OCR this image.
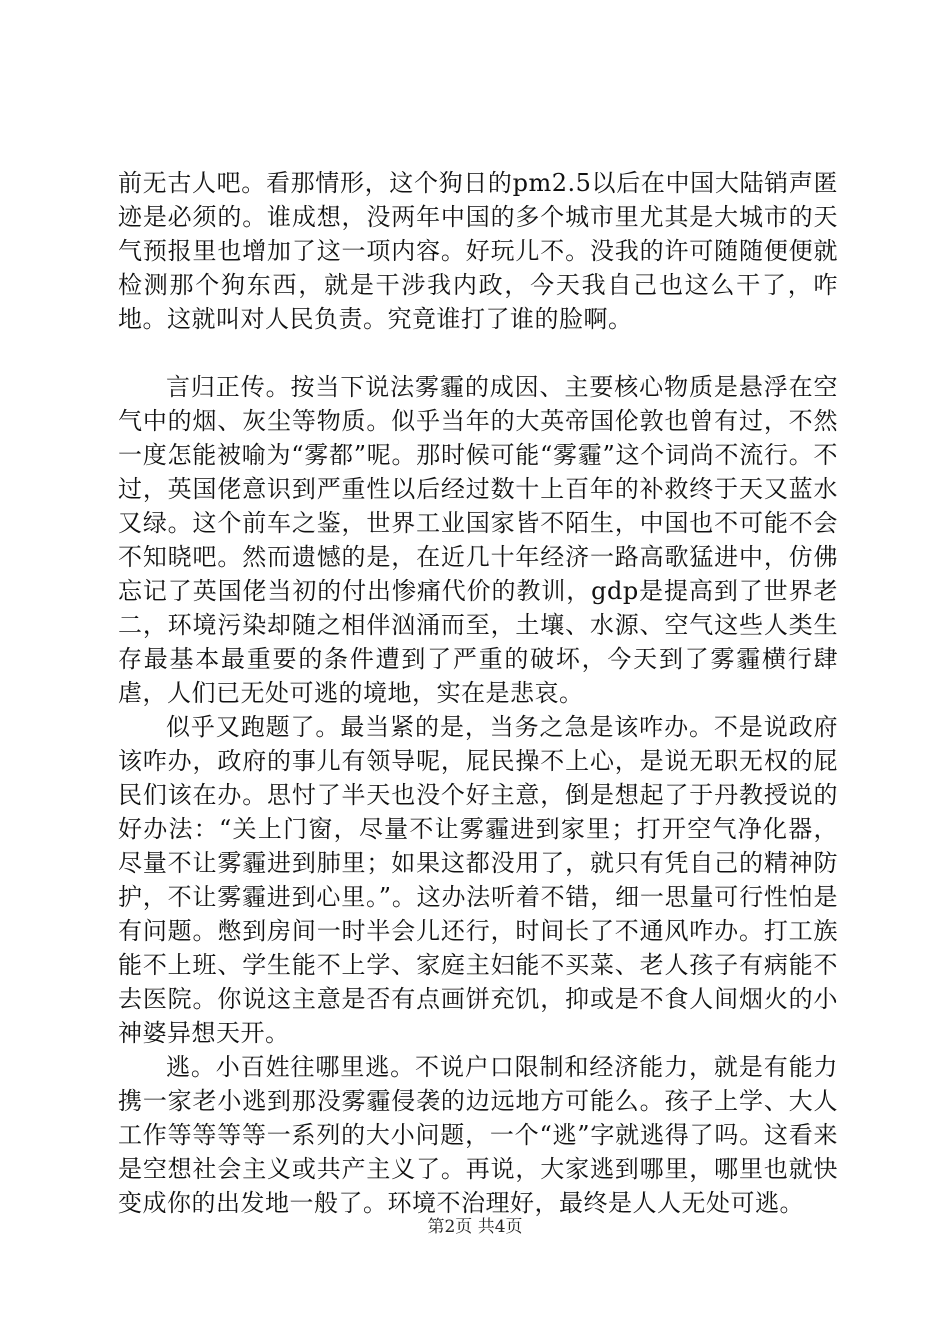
前无古人吧。看那情形，这个狗日的pm2.5以后在中国大陆销声匿迹是必须的。谁成想，没两年中国的多个城市里尤其是大城市的天气预报里也增加了这一项内容。好玩儿不。没我的许可随随便便就检测那个狗东西，就是干涉我内政，今天我自己也这么干了，咋地。这就叫对人民负责。究竟谁打了谁的脸啊。

言归正传。按当下说法雾霾的成因、主要核心物质是悬浮在空气中的烟、灰尘等物质。似乎当年的大英帝国伦敦也曾有过，不然一度怎能被喻为“雾都”呢。那时候可能“雾霾”这个词尚不流行。不过，英国佬意识到严重性以后经过数十上百年的补救终于天又蓝水又绿。这个前车之鉴，世界工业国家皆不陌生，中国也不可能不会不知晓吧。然而遗憾的是，在近几十年经济一路高歌猛进中，仿佛忘记了英国佬当初的付出惨痛代价的教训，gdp是提高到了世界老二，环境污染却随之相伴汹涌而至，土壤、水源、空气这些人类生存最基本最重要的条件遭到了严重的破坏，今天到了雾霾横行肆虐，人们已无处可逃的境地，实在是悲哀。

似乎又跑题了。最当紧的是，当务之急是该咋办。不是说政府该咋办，政府的事儿有领导呢，屁民操不上心，是说无职无权的屁民们该在办。思忖了半天也没个好主意，倒是想起了于丹教授说的好办法：“关上门窗，尽量不让雾霾进到家里；打开空气净化器，尽量不让雾霾进到肺里；如果这都没用了，就只有凭自己的精神防护，不让雾霾进到心里。”。这办法听着不错，细一思量可行性怕是有问题。憋到房间一时半会儿还行，时间长了不通风咋办。打工族能不上班、学生能不上学、家庭主妇能不买菜、老人孩子有病能不去医院。你说这主意是否有点画饼充饥，抑或是不食人间烟火的小神婆异想天开。

逃。小百姓往哪里逃。不说户口限制和经济能力，就是有能力携一家老小逃到那没雾霾侵袭的边远地方可能么。孩子上学、大人工作等等等等一系列的大小问题，一个“逃”字就逃得了吗。这看来是空想社会主义或共产主义了。再说，大家逃到哪里，哪里也就快变成你的出发地一般了。环境不治理好，最终是人人无处可逃。

第2页 共4页
